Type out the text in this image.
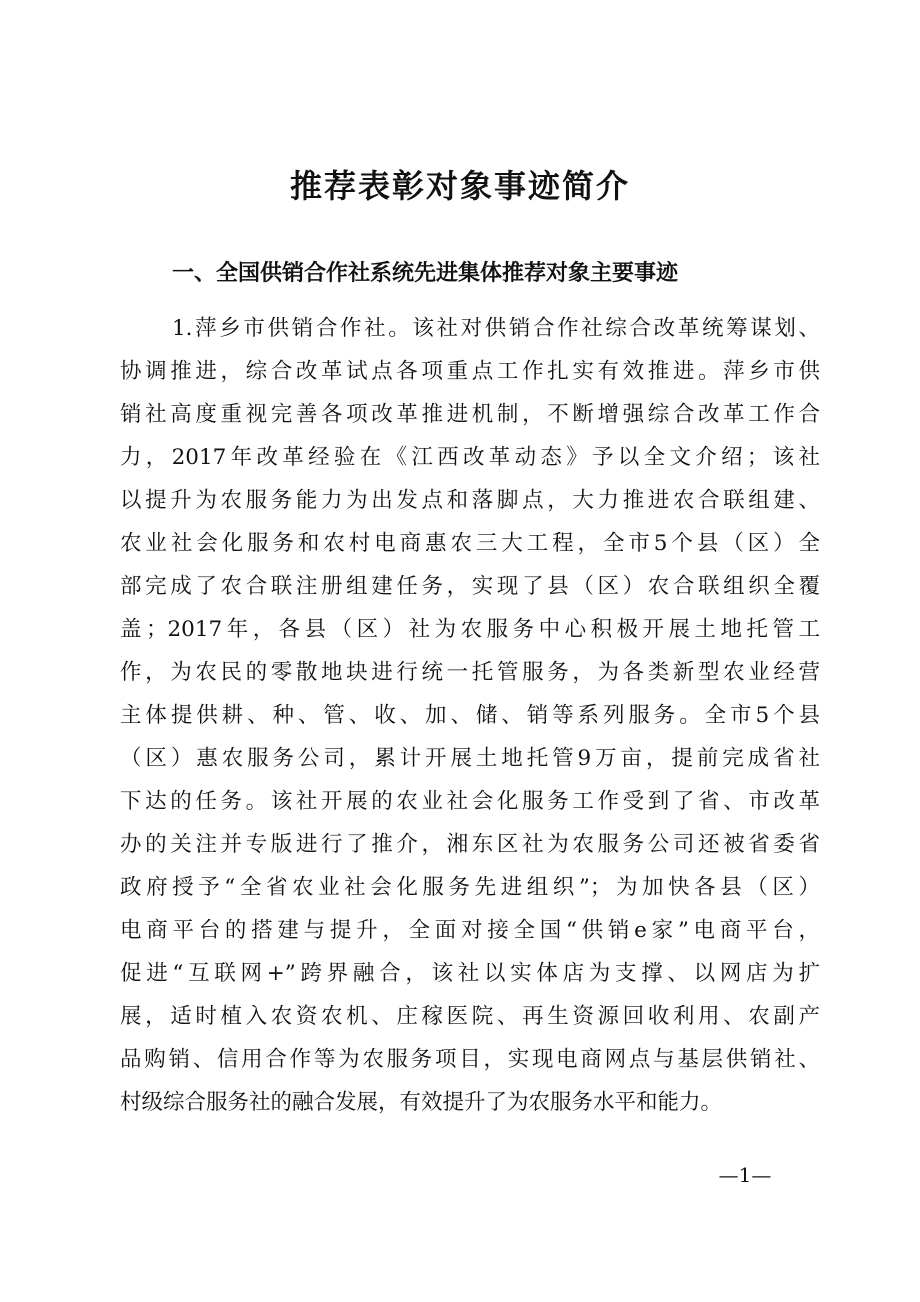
推荐表彰对象事迹简介
一、全国供销合作社系统先进集体推荐对象主要事迹
1.萍乡市供销合作社。该社对供销合作社综合改革统筹谋划、
协调推进，综合改革试点各项重点工作扎实有效推进。萍乡市供
销社高度重视完善各项改革推进机制，不断增强综合改革工作合
力，2017年改革经验在《江西改革动态》予以全文介绍；该社
以提升为农服务能力为出发点和落脚点，大力推进农合联组建、
农业社会化服务和农村电商惠农三大工程，全市5个县（区）全
部完成了农合联注册组建任务，实现了县（区）农合联组织全覆
盖；2017年，各县（区）社为农服务中心积极开展土地托管工
作，为农民的零散地块进行统一托管服务，为各类新型农业经营
主体提供耕、种、管、收、加、储、销等系列服务。全市5个县
（区）惠农服务公司，累计开展土地托管9万亩，提前完成省社
下达的任务。该社开展的农业社会化服务工作受到了省、市改革
办的关注并专版进行了推介，湘东区社为农服务公司还被省委省
政府授予“全省农业社会化服务先进组织”；为加快各县（区）
电商平台的搭建与提升，全面对接全国“供销e家”电商平台，
促进“互联网+”跨界融合，该社以实体店为支撑、以网店为扩
展，适时植入农资农机、庄稼医院、再生资源回收利用、农副产
品购销、信用合作等为农服务项目，实现电商网点与基层供销社、
村级综合服务社的融合发展，有效提升了为农服务水平和能力。
—1—
